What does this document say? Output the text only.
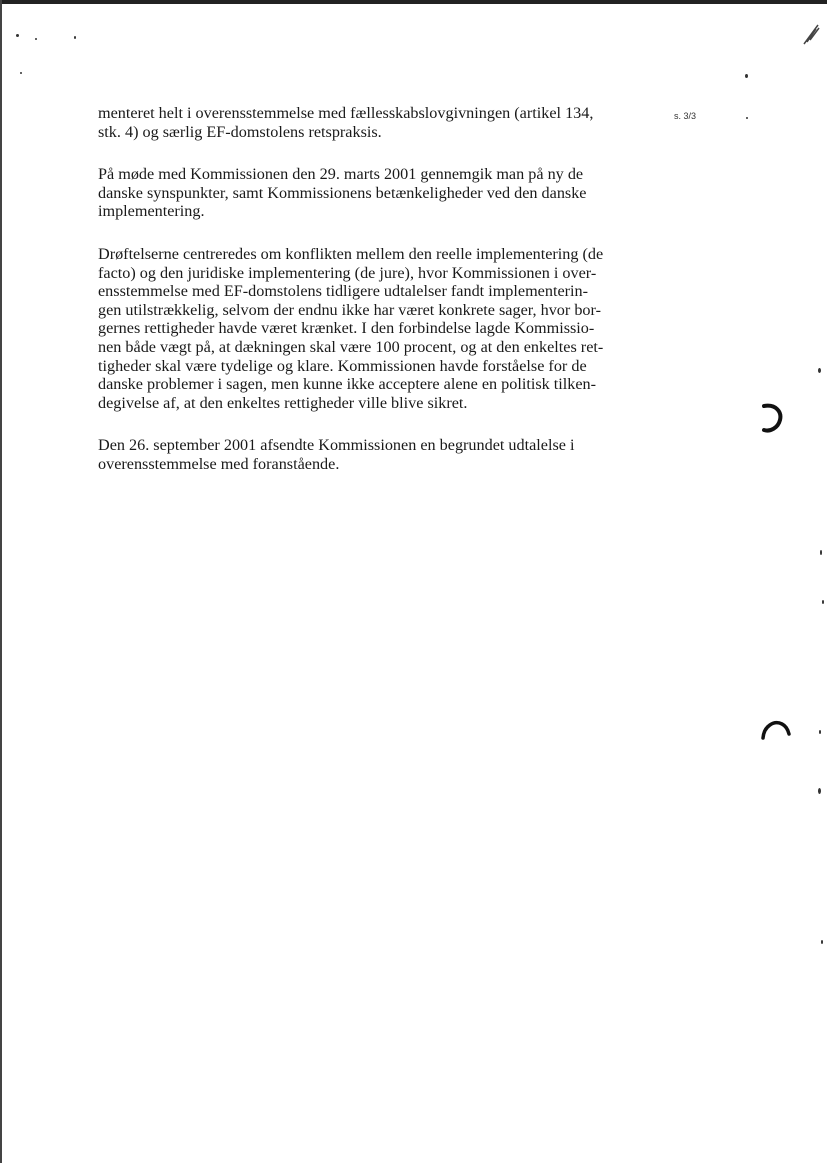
s. 3/3

menteret helt i overensstemmelse med fællesskabslovgivningen (artikel 134,
stk. 4) og særlig EF-domstolens retspraksis.

På møde med Kommissionen den 29. marts 2001 gennemgik man på ny de
danske synspunkter, samt Kommissionens betænkeligheder ved den danske
implementering.

Drøftelserne centreredes om konflikten mellem den reelle implementering (de
facto) og den juridiske implementering (de jure), hvor Kommissionen i over-
ensstemmelse med EF-domstolens tidligere udtalelser fandt implementerin-
gen utilstrækkelig, selvom der endnu ikke har været konkrete sager, hvor bor-
gernes rettigheder havde været krænket. I den forbindelse lagde Kommissio-
nen både vægt på, at dækningen skal være 100 procent, og at den enkeltes ret-
tigheder skal være tydelige og klare. Kommissionen havde forståelse for de
danske problemer i sagen, men kunne ikke acceptere alene en politisk tilken-
degivelse af, at den enkeltes rettigheder ville blive sikret.

Den 26. september 2001 afsendte Kommissionen en begrundet udtalelse i
overensstemmelse med foranstående.
